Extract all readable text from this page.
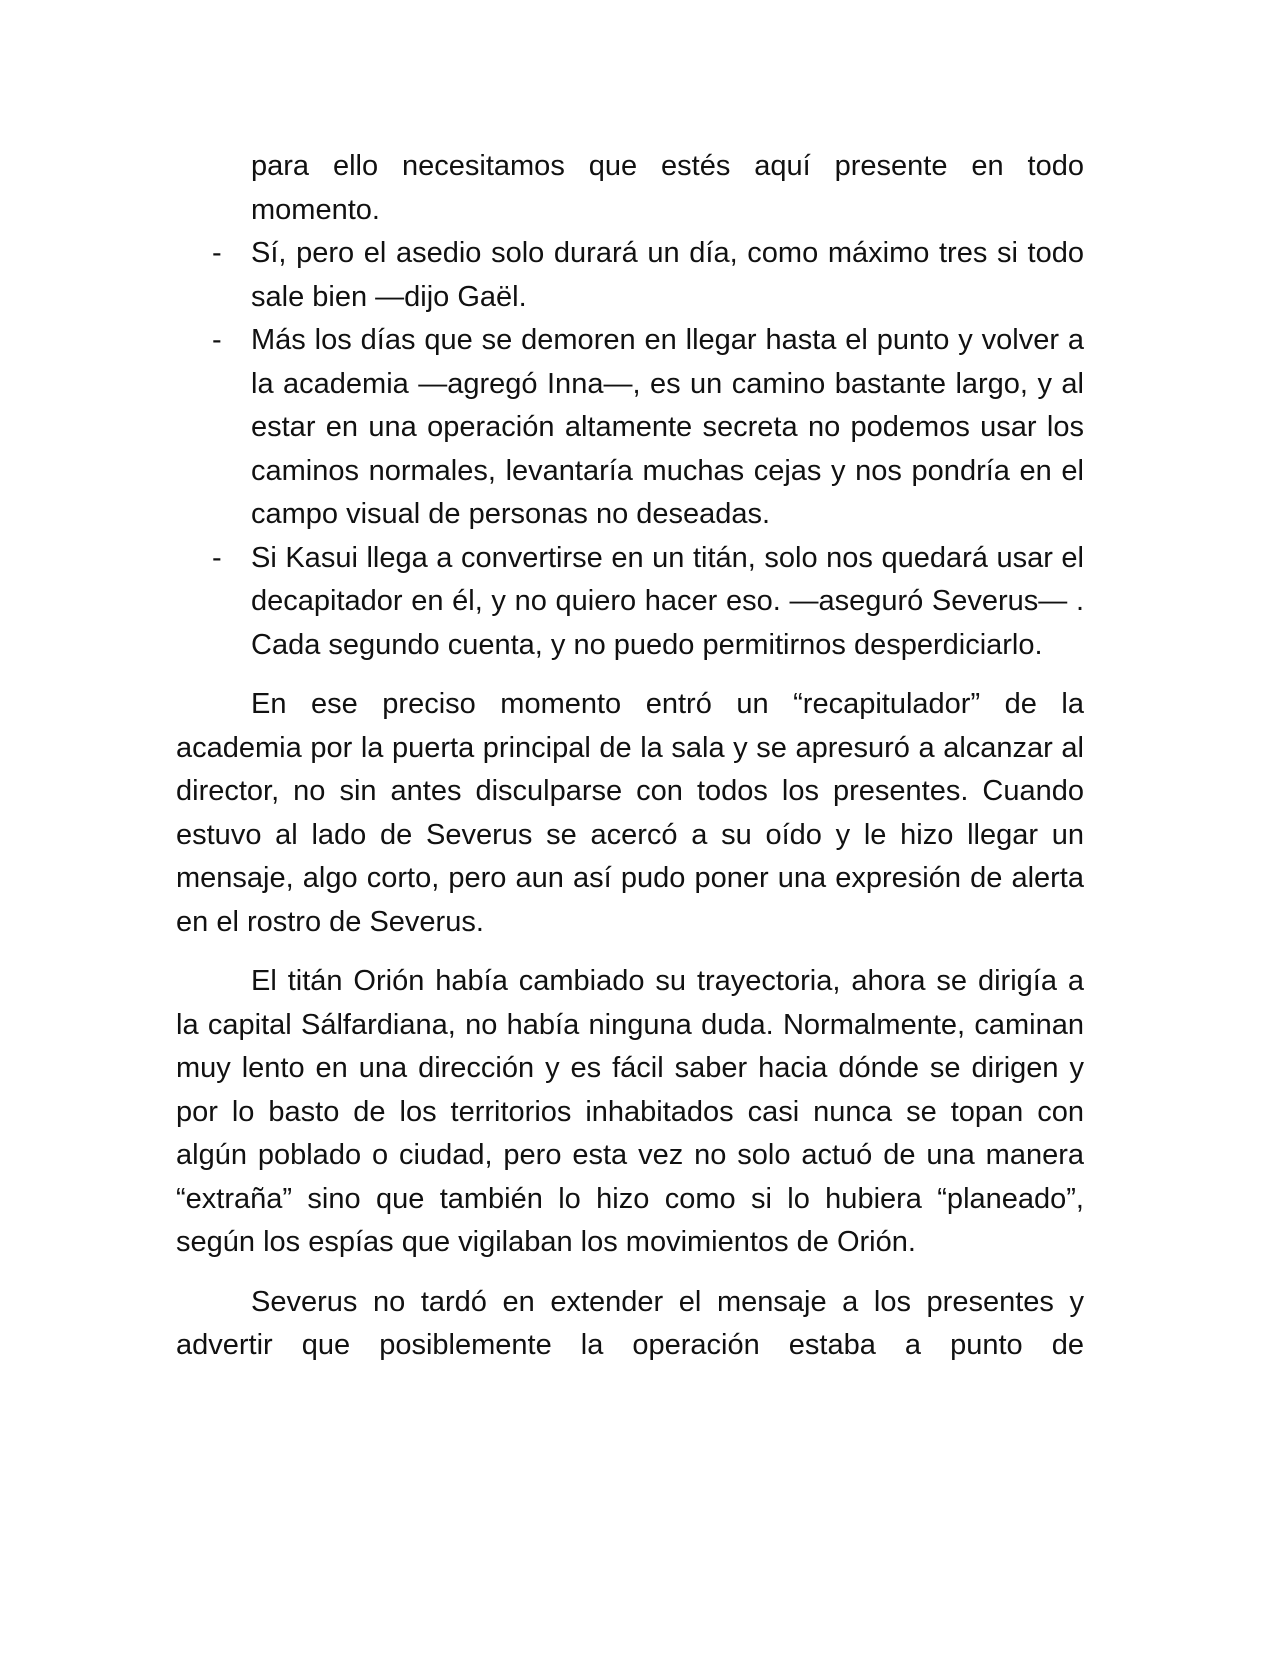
para ello necesitamos que estés aquí presente en todo momento.
- Sí, pero el asedio solo durará un día, como máximo tres si todo sale bien —dijo Gaël.
- Más los días que se demoren en llegar hasta el punto y volver a la academia —agregó Inna—, es un camino bastante largo, y al estar en una operación altamente secreta no podemos usar los caminos normales, levantaría muchas cejas y nos pondría en el campo visual de personas no deseadas.
- Si Kasui llega a convertirse en un titán, solo nos quedará usar el decapitador en él, y no quiero hacer eso. —aseguró Severus— . Cada segundo cuenta, y no puedo permitirnos desperdiciarlo.

En ese preciso momento entró un “recapitulador” de la academia por la puerta principal de la sala y se apresuró a alcanzar al director, no sin antes disculparse con todos los presentes. Cuando estuvo al lado de Severus se acercó a su oído y le hizo llegar un mensaje, algo corto, pero aun así pudo poner una expresión de alerta en el rostro de Severus.

El titán Orión había cambiado su trayectoria, ahora se dirigía a la capital Sálfardiana, no había ninguna duda. Normalmente, caminan muy lento en una dirección y es fácil saber hacia dónde se dirigen y por lo basto de los territorios inhabitados casi nunca se topan con algún poblado o ciudad, pero esta vez no solo actuó de una manera “extraña” sino que también lo hizo como si lo hubiera “planeado”, según los espías que vigilaban los movimientos de Orión.

Severus no tardó en extender el mensaje a los presentes y advertir que posiblemente la operación estaba a punto de
